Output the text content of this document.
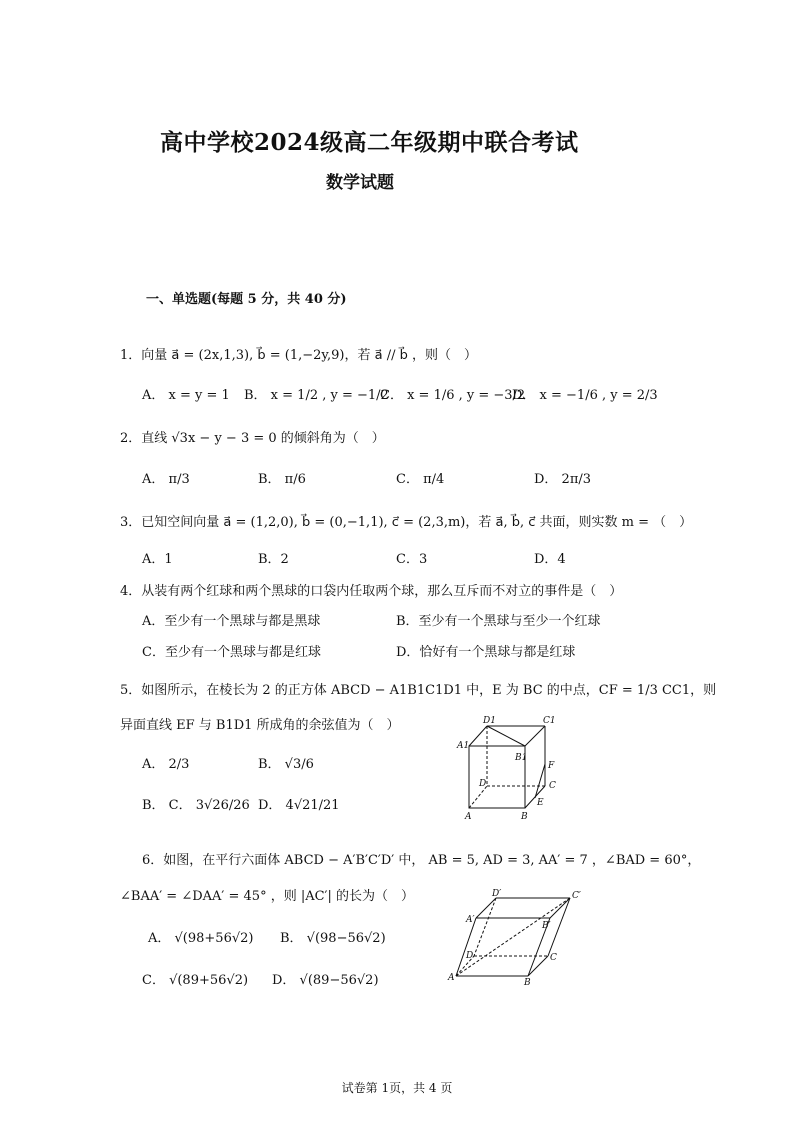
高中学校2024级高二年级期中联合考试
数学试题
一、单选题(每题 5 分，共 40 分)
1．向量 a⃗ = (2x,1,3), b⃗ = (1,−2y,9)，若 a⃗ // b⃗ ，则（　）
A． x = y = 1 B． x = 1/2 , y = −1/2
C． x = 1/6 , y = −3/2
D． x = −1/6 , y = 2/3
2．直线 √3x − y − 3 = 0 的倾斜角为（　）
A． π/3	B． π/6	C． π/4	D． 2π/3
3．已知空间向量 a⃗ = (1,2,0), b⃗ = (0,−1,1), c⃗ = (2,3,m)，若 a⃗, b⃗, c⃗ 共面，则实数 m = （　）
A．1	B．2	C．3	D．4
4．从装有两个红球和两个黑球的口袋内任取两个球，那么互斥而不对立的事件是（　）
A．至少有一个黑球与都是黑球	B．至少有一个黑球与至少一个红球
C．至少有一个黑球与都是红球	D．恰好有一个黑球与都是红球
5．如图所示，在棱长为 2 的正方体 ABCD − A1B1C1D1 中，E 为 BC 的中点，CF = 1/3 CC1，则
异面直线 EF 与 B1D1 所成角的余弦值为（　）
A． 2/3	B． √3/6
B． C． 3√26/26 D． 4√21/21
D1	C1
A1
B1
D	C
F
E
A	B
6．如图，在平行六面体 ABCD − A′B′C′D′ 中， AB = 5, AD = 3, AA′ = 7 ，∠BAD = 60°，
∠BAA′ = ∠DAA′ = 45° ，则 |AC′| 的长为（　）
A． √(98+56√2) B． √(98−56√2)
C． √(89+56√2) D． √(89−56√2)
D′	C′
A′
B′
D	C
A	B
试卷第 1页，共 4 页
